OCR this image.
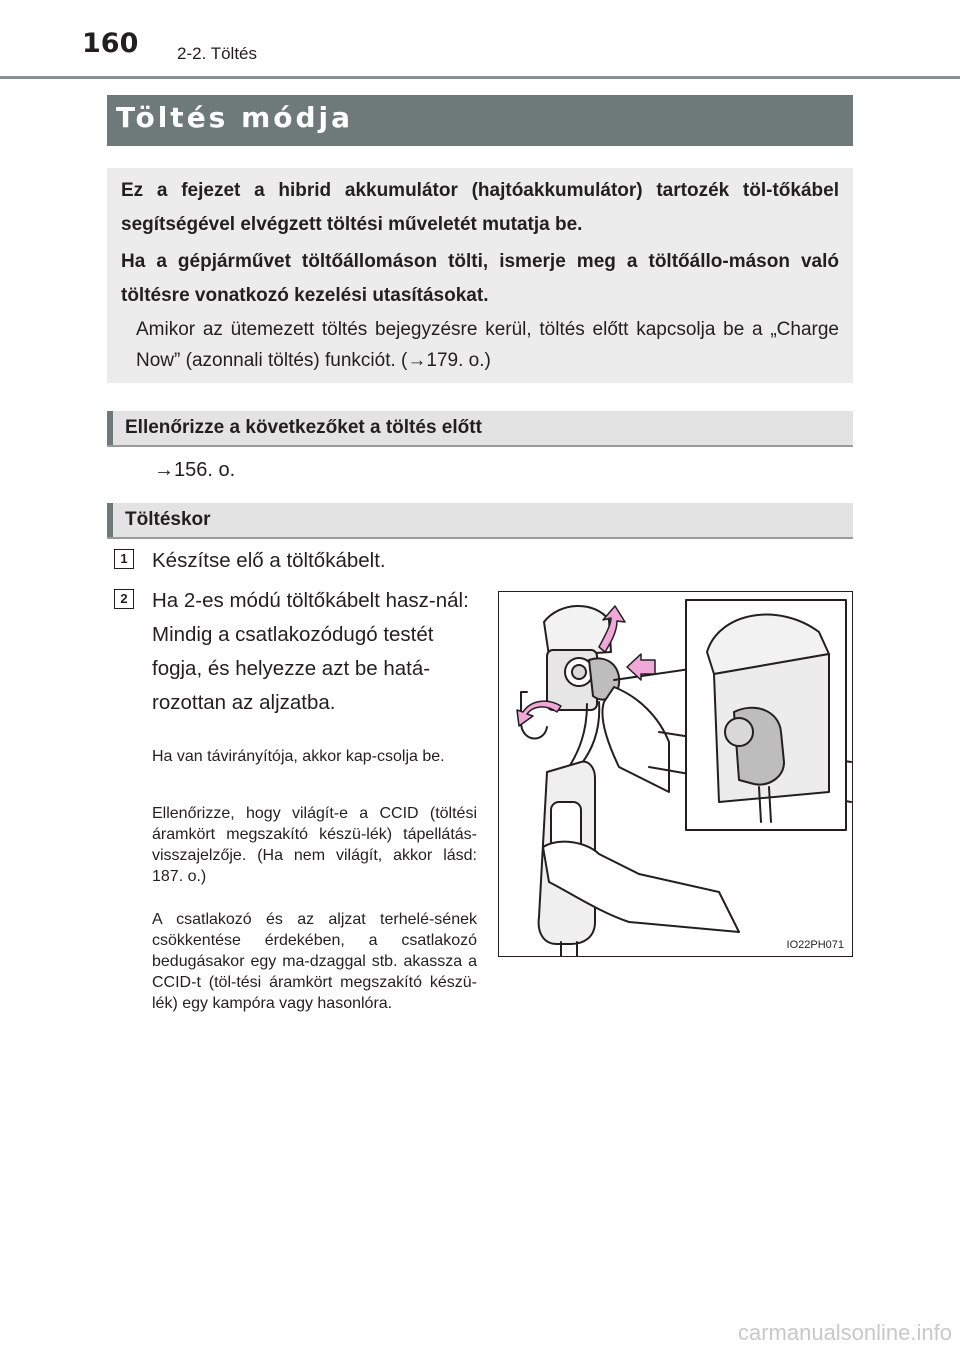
160 2-2. Töltés
Töltés módja

Ez a fejezet a hibrid akkumulátor (hajtóakkumulátor) tartozék töl-tőkábel segítségével elvégzett töltési műveletét mutatja be.

Ha a gépjárművet töltőállomáson tölti, ismerje meg a töltőállo-máson való töltésre vonatkozó kezelési utasításokat.

Amikor az ütemezett töltés bejegyzésre kerül, töltés előtt kapcsolja be a „Charge Now” (azonnali töltés) funkciót. (→179. o.)

Ellenőrizze a következőket a töltés előtt
→156. o.
Töltéskor
1	Készítse elő a töltőkábelt.

2	Ha 2-es módú töltőkábelt hasz-nál: Mindig a csatlakozódugó testét fogja, és helyezze azt be hatá-rozottan az aljzatba.

Ha van távirányítója, akkor kap-csolja be.

Ellenőrizze, hogy világít-e a CCID (töltési áramkört megszakító készü-lék) tápellátás-visszajelzője. (Ha nem világít, akkor lásd: 187. o.)

A csatlakozó és az aljzat terhelé-sének csökkentése érdekében, a csatlakozó bedugásakor egy ma-dzaggal stb. akassza a CCID-t (töl-tési áramkört megszakító készü-lék) egy kampóra vagy hasonlóra.

IO22PH071
carmanualsonline.info
